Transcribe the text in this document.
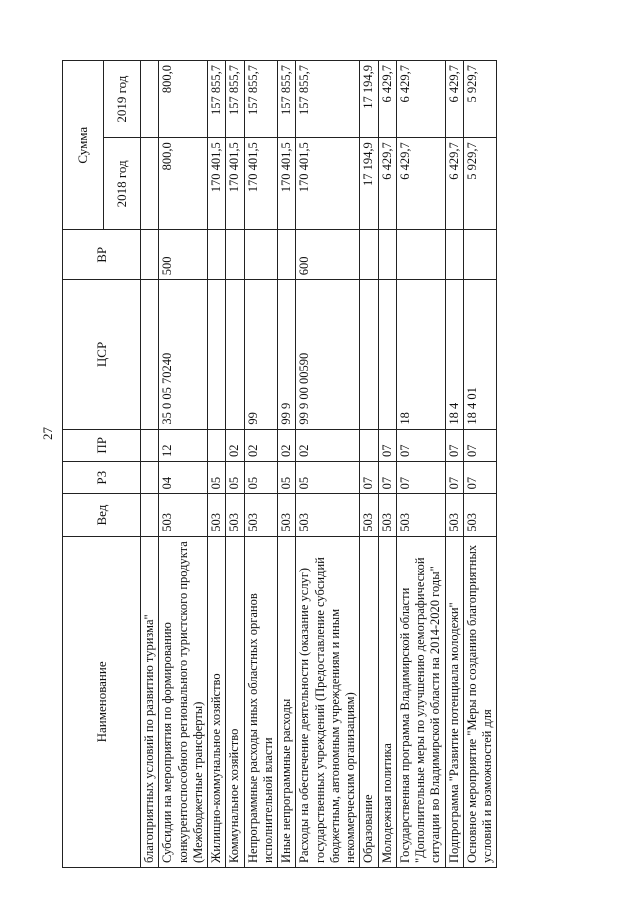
27
Наименование	Вед	РЗ	ПР	ЦСР	ВР	Сумма	
						2018 год	2019 год
благоприятных условий по развитию туризма"							
Субсидии на мероприятия по формированию конкурентоспособного регионального туристского продукта (Межбюджетные трансферты)	503	04	12	35 0 05 70240	500	800,0	800,0
Жилищно-коммунальное хозяйство	503	05				170 401,5	157 855,7
Коммунальное хозяйство	503	05	02			170 401,5	157 855,7
Непрограммные расходы иных областных органов исполнительной власти	503	05	02	99		170 401,5	157 855,7
Иные непрограммные расходы	503	05	02	99 9		170 401,5	157 855,7
Расходы на обеспечение деятельности (оказание услуг) государственных учреждений (Предоставление субсидий бюджетным, автономным учреждениям и иным некоммерческим организациям)	503	05	02	99 9 00 00590	600	170 401,5	157 855,7
Образование	503	07				17 194,9	17 194,9
Молодежная политика	503	07	07			6 429,7	6 429,7
Государственная программа Владимирской области "Дополнительные меры по улучшению демографической ситуации во Владимирской области на 2014-2020 годы"	503	07	07	18		6 429,7	6 429,7
Подпрограмма "Развитие потенциала молодежи"	503	07	07	18 4		6 429,7	6 429,7
Основное мероприятие "Меры по созданию благоприятных условий и возможностей для	503	07	07	18 4 01		5 929,7	5 929,7
